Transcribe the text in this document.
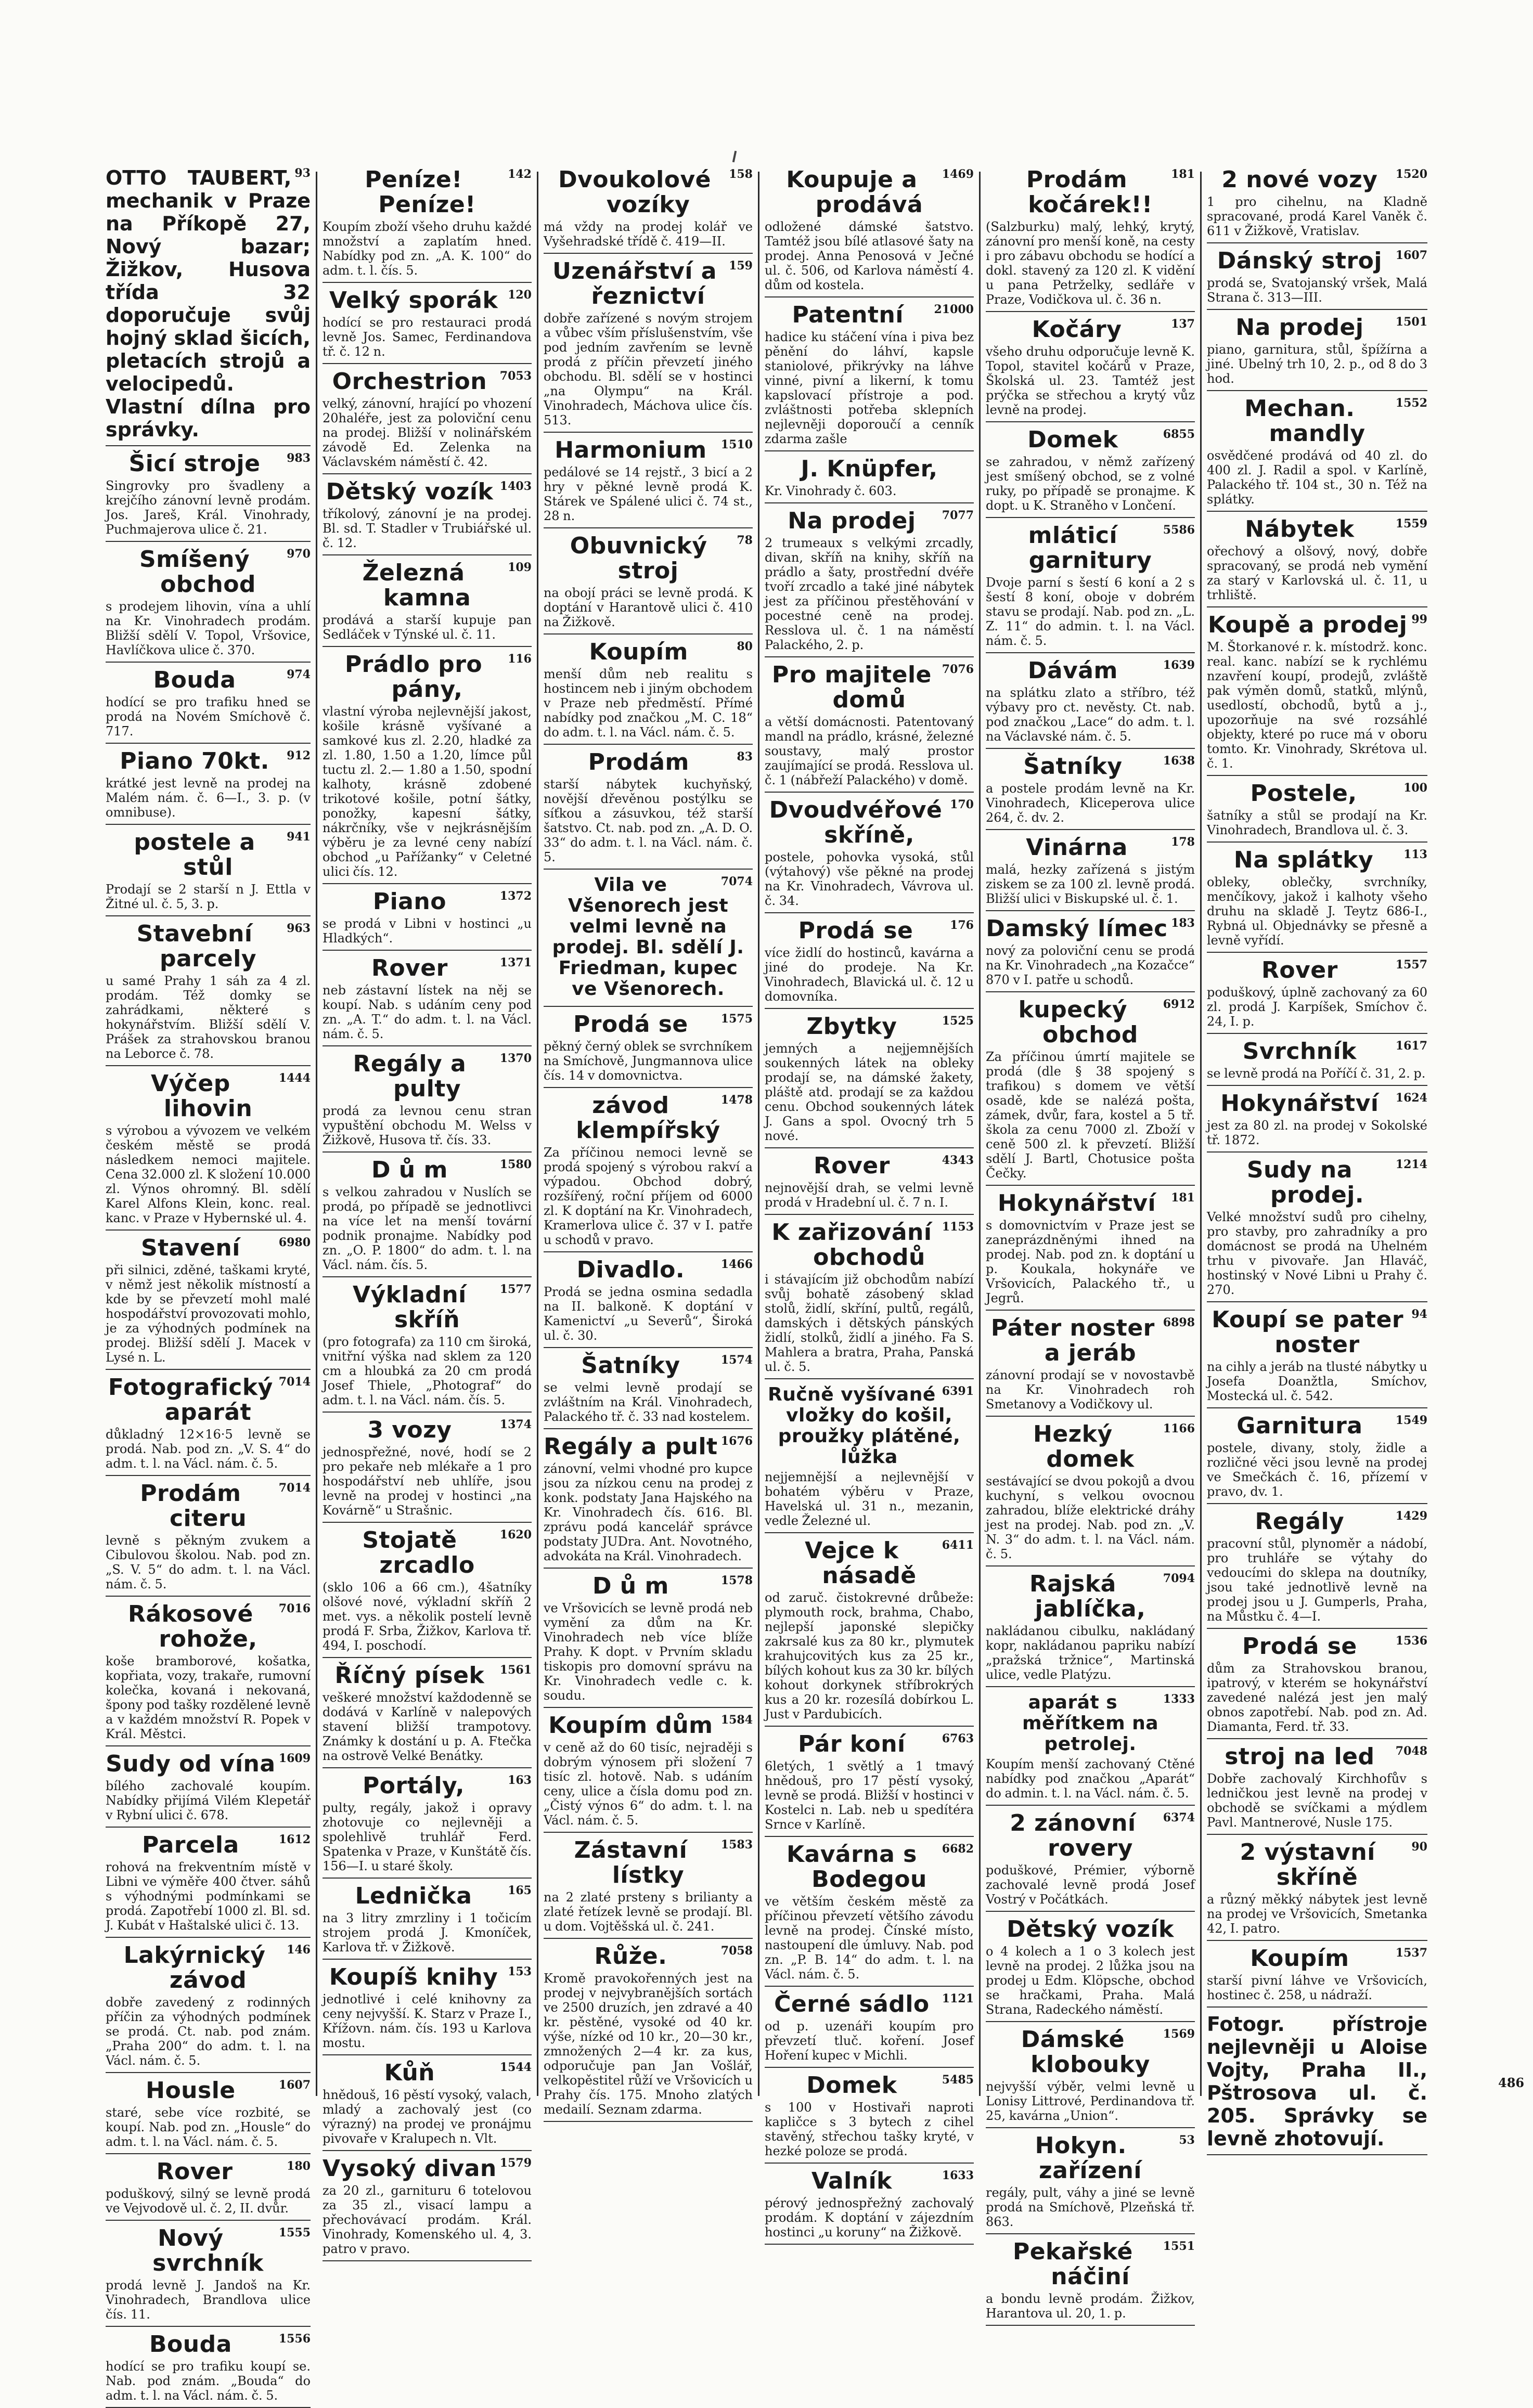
93
OTTO TAUBERT, mechanik v Praze na Příkopě 27, Nový bazar; Žižkov, Husova třída 32 doporučuje svůj hojný sklad šicích, pletacích strojů a velocipedů. Vlastní dílna pro správky.
983
Šicí stroje
Singrovky pro švadleny a krejčího zánovní levně prodám. Jos. Jareš, Král. Vinohrady, Puchmajerova ulice č. 21.
970
Smíšený obchod
s prodejem lihovin, vína a uhlí na Kr. Vinohradech prodám. Bližší sdělí V. Topol, Vršovice, Havlíčkova ulice č. 370.
974
Bouda
hodící se pro trafiku hned se prodá na Novém Smíchově č. 717.
912
Piano 70kt.
krátké jest levně na prodej na Malém nám. č. 6—I., 3. p. (v omnibuse).
941
postele a stůl
Prodají se 2 starší n J. Ettla v Žitné ul. č. 5, 3. p.
963
Stavební parcely
u samé Prahy 1 sáh za 4 zl. prodám. Též domky se zahrádkami, některé s hokynářstvím. Bližší sdělí V. Prášek za strahovskou branou na Leborce č. 78.
1444
Výčep lihovin
s výrobou a vývozem ve velkém českém městě se prodá následkem nemoci majitele. Cena 32.000 zl. K složení 10.000 zl. Výnos ohromný. Bl. sdělí Karel Alfons Klein, konc. real. kanc. v Praze v Hybernské ul. 4.
6980
Stavení
při silnici, zděné, taškami kryté, v němž jest několik místností a kde by se převzetí mohl malé hospodářství provozovati mohlo, je za výhodných podmínek na prodej. Bližší sdělí J. Macek v Lysé n. L.
7014
Fotografický aparát
důkladný 12×16·5 levně se prodá. Nab. pod zn. „V. S. 4“ do adm. t. l. na Václ. nám. č. 5.
7014
Prodám citeru
levně s pěkným zvukem a Cibulovou školou. Nab. pod zn. „S. V. 5“ do adm. t. l. na Václ. nám. č. 5.
7016
Rákosové rohože,
koše bramborové, košatka, kopřiata, vozy, trakaře, rumovní kolečka, kovaná i nekovaná, špony pod tašky rozdělené levně a v každém množství R. Popek v Král. Městci.
1609
Sudy od vína
bílého zachovalé koupím. Nabídky přijímá Vilém Klepetář v Rybní ulici č. 678.
1612
Parcela
rohová na frekventním místě v Libni ve výměře 400 čtver. sáhů s výhodnými podmínkami se prodá. Zapotřebí 1000 zl. Bl. sd. J. Kubát v Haštalské ulici č. 13.
146
Lakýrnický závod
dobře zavedený z rodinných příčin za výhodných podmínek se prodá. Ct. nab. pod znám. „Praha 200“ do adm. t. l. na Václ. nám. č. 5.
1607
Housle
staré, sebe více rozbité, se koupí. Nab. pod zn. „Housle“ do adm. t. l. na Václ. nám. č. 5.
180
Rover
poduškový, silný se levně prodá ve Vejvodově ul. č. 2, II. dvůr.
1555
Nový svrchník
prodá levně J. Jandoš na Kr. Vinohradech, Brandlova ulice čís. 11.
1556
Bouda
hodící se pro trafiku koupí se. Nab. pod znám. „Bouda“ do adm. t. l. na Václ. nám. č. 5.
142
Peníze! Peníze!
Koupím zboží všeho druhu každé množství a zaplatím hned. Nabídky pod zn. „A. K. 100“ do adm. t. l. čís. 5.
120
Velký sporák
hodící se pro restauraci prodá levně Jos. Samec, Ferdinandova tř. č. 12 n.
7053
Orchestrion
velký, zánovní, hrající po vhození 20haléře, jest za poloviční cenu na prodej. Bližší v nolinářském závodě Ed. Zelenka na Václavském náměstí č. 42.
1403
Dětský vozík
tříkolový, zánovní je na prodej. Bl. sd. T. Stadler v Trubiářské ul. č. 12.
109
Železná kamna
prodává a starší kupuje pan Sedláček v Týnské ul. č. 11.
116
Prádlo pro pány,
vlastní výroba nejlevnější jakost, košile krásně vyšívané a samkové kus zl. 2.20, hladké za zl. 1.80, 1.50 a 1.20, límce půl tuctu zl. 2.— 1.80 a 1.50, spodní kalhoty, krásně zdobené trikotové košile, potní šátky, ponožky, kapesní šátky, nákrčníky, vše v nejkrásnějším výběru je za levné ceny nabízí obchod „u Pařížanky“ v Celetné ulici čís. 12.
1372
Piano
se prodá v Libni v hostinci „u Hladkých“.
1371
Rover
neb zástavní lístek na něj se koupí. Nab. s udáním ceny pod zn. „A. T.“ do adm. t. l. na Václ. nám. č. 5.
1370
Regály a pulty
prodá za levnou cenu stran vypuštění obchodu M. Welss v Žižkově, Husova tř. čís. 33.
1580
D ů m
s velkou zahradou v Nuslích se prodá, po případě se jednotlivci na více let na menší tovární podnik pronajme. Nabídky pod zn. „O. P. 1800“ do adm. t. l. na Václ. nám. čís. 5.
1577
Výkladní skříň
(pro fotografa) za 110 cm široká, vnitřní výška nad sklem za 120 cm a hloubká za 20 cm prodá Josef Thiele, „Photograf“ do adm. t. l. na Václ. nám. čís. 5.
1374
3 vozy
jednospřežné, nové, hodí se 2 pro pekaře neb mlékaře a 1 pro hospodářství neb uhlíře, jsou levně na prodej v hostinci „na Kovárně“ u Strašnic.
1620
Stojatě zrcadlo
(sklo 106 a 66 cm.), 4šatníky olšové nové, výkladní skříň 2 met. vys. a několik postelí levně prodá F. Srba, Žižkov, Karlova tř. 494, I. poschodí.
1561
Říčný písek
veškeré množství každodenně se dodává v Karlíně v nalepových stavení bližší trampotovy. Známky k dostání u p. A. Ftečka na ostrově Velké Benátky.
163
Portály,
pulty, regály, jakož i opravy zhotovuje co nejlevněji a spolehlivě truhlář Ferd. Spatenka v Praze, v Kunštátě čís. 156—I. u staré školy.
165
Lednička
na 3 litry zmrzliny i 1 točicím strojem prodá J. Kmoníček, Karlova tř. v Žižkově.
153
Koupíš knihy
jednotlivé i celé knihovny za ceny nejvyšší. K. Starz v Praze I., Křížovn. nám. čís. 193 u Karlova mostu.
1544
Kůň
hnědouš, 16 pěstí vysoký, valach, mladý a zachovalý jest (co výrazný) na prodej ve pronájmu pivovaře v Kralupech n. Vlt.
1579
Vysoký divan
za 20 zl., garnituru 6 totelovou za 35 zl., visací lampu a přechovávací prodám. Král. Vinohrady, Komenského ul. 4, 3. patro v pravo.
158
Dvoukolové vozíky
má vždy na prodej kolář ve Vyšehradské třídě č. 419—II.
159
Uzenářství a řeznictví
dobře zařízené s novým strojem a vůbec vším příslušenstvím, vše pod jedním zavřením se levně prodá z příčin převzetí jiného obchodu. Bl. sdělí se v hostinci „na Olympu“ na Král. Vinohradech, Máchova ulice čís. 513.
1510
Harmonium
pedálové se 14 rejstř., 3 bicí a 2 hry v pěkné levně prodá K. Stárek ve Spálené ulici č. 74 st., 28 n.
78
Obuvnický stroj
na obojí práci se levně prodá. K doptání v Harantově ulici č. 410 na Žižkově.
80
Koupím
menší dům neb realitu s hostincem neb i jiným obchodem v Praze neb předměstí. Přímé nabídky pod značkou „M. C. 18“ do adm. t. l. na Václ. nám. č. 5.
83
Prodám
starší nábytek kuchyňský, novější dřevěnou postýlku se síťkou a zásuvkou, též starší šatstvo. Ct. nab. pod zn. „A. D. O. 33“ do adm. t. l. na Václ. nám. č. 5.
7074
Vila ve Všenorech jest velmi levně na prodej. Bl. sdělí J. Friedman, kupec ve Všenorech.
1575
Prodá se
pěkný černý oblek se svrchníkem na Smíchově, Jungmannova ulice čís. 14 v domovnictva.
1478
závod klempířský
Za příčinou nemoci levně se prodá spojený s výrobou rakví a výpadou. Obchod dobrý, rozšířený, roční příjem od 6000 zl. K doptání na Kr. Vinohradech, Kramerlova ulice č. 37 v I. patře u schodů v pravo.
1466
Divadlo.
Prodá se jedna osmina sedadla na II. balkoně. K doptání v Kamenictví „u Severů“, Široká ul. č. 30.
1574
Šatníky
se velmi levně prodají se zvláštním na Král. Vinohradech, Palackého tř. č. 33 nad kostelem.
1676
Regály a pult
zánovní, velmi vhodné pro kupce jsou za nízkou cenu na prodej z konk. podstaty Jana Hajského na Kr. Vinohradech čís. 616. Bl. zprávu podá kancelář správce podstaty JUDra. Ant. Novotného, advokáta na Král. Vinohradech.
1578
D ů m
ve Vršovicích se levně prodá neb vymění za dům na Kr. Vinohradech neb více blíže Prahy. K dopt. v Prvním skladu tiskopis pro domovní správu na Kr. Vinohradech vedle c. k. soudu.
1584
Koupím dům
v ceně až do 60 tisíc, nejraději s dobrým výnosem při složení 7 tisíc zl. hotově. Nab. s udáním ceny, ulice a čísla domu pod zn. „Čistý výnos 6“ do adm. t. l. na Václ. nám. č. 5.
1583
Zástavní lístky
na 2 zlaté prsteny s brilianty a zlaté řetízek levně se prodají. Bl. u dom. Vojtěšská ul. č. 241.
7058
Růže.
Kromě pravokořenných jest na prodej v nejvybranějších sortách ve 2500 druzích, jen zdravé a 40 kr. pěstěné, vysoké od 40 kr. výše, nízké od 10 kr., 20—30 kr., zmnožených 2—4 kr. za kus, odporučuje pan Jan Vošlář, velkopěstitel růží ve Vršovicích u Prahy čís. 175. Mnoho zlatých medailí. Seznam zdarma.
1469
Koupuje a prodává
odložené dámské šatstvo. Tamtéž jsou bílé atlasové šaty na prodej. Anna Penosová v Ječné ul. č. 506, od Karlova náměstí 4. dům od kostela.
21000
Patentní
hadice ku stáčení vína i piva bez pěnění do láhví, kapsle staniolové, přikrývky na láhve vinné, pivní a likerní, k tomu kapslovací přístroje a pod. zvláštnosti potřeba sklepních nejlevněji doporoučí a cenník zdarma zašle
J. Knüpfer,
Kr. Vinohrady č. 603.
7077
Na prodej
2 trumeaux s velkými zrcadly, divan, skříň na knihy, skříň na prádlo a šaty, prostřední dvéře tvoří zrcadlo a také jiné nábytek jest za příčinou přestěhování v pocestné ceně na prodej. Resslova ul. č. 1 na náměstí Palackého, 2. p.
7076
Pro majitele domů
a větší domácnosti. Patentovaný mandl na prádlo, krásné, železné soustavy, malý prostor zaujímající se prodá. Resslova ul. č. 1 (nábřeží Palackého) v domě.
170
Dvoudvéřové skříně,
postele, pohovka vysoká, stůl (výtahový) vše pěkné na prodej na Kr. Vinohradech, Vávrova ul. č. 34.
176
Prodá se
více židlí do hostinců, kavárna a jiné do prodeje. Na Kr. Vinohradech, Blavická ul. č. 12 u domovníka.
1525
Zbytky
jemných a nejjemnějších soukenných látek na obleky prodají se, na dámské žakety, pláště atd. prodají se za každou cenu. Obchod soukenných látek J. Gans a spol. Ovocný trh 5 nové.
4343
Rover
nejnovější drah, se velmi levně prodá v Hradební ul. č. 7 n. I.
1153
K zařizování obchodů
i stávajícím již obchodům nabízí svůj bohatě zásobený sklad stolů, židlí, skříní, pultů, regálů, damských i dětských pánských židlí, stolků, židlí a jiného. Fa S. Mahlera a bratra, Praha, Panská ul. č. 5.
6391
Ručně vyšívané vložky do košil, proužky plátěné, lůžka
nejjemnější a nejlevnější v bohatém výběru v Praze, Havelská ul. 31 n., mezanin, vedle Železné ul.
6411
Vejce k násadě
od zaruč. čistokrevné drůbeže: plymouth rock, brahma, Chabo, nejlepší japonské slepičky zakrsalé kus za 80 kr., plymutek krahujcovitých kus za 25 kr., bílých kohout kus za 30 kr. bílých kohout dorkynek stříbrokrých kus a 20 kr. rozesílá dobírkou L. Just v Pardubicích.
6763
Pár koní
6letých, 1 světlý a 1 tmavý hnědouš, pro 17 pěstí vysoký, levně se prodá. Bližší v hostinci v Kostelci n. Lab. neb u spedítéra Srnce v Karlíně.
6682
Kavárna s Bodegou
ve větším českém městě za příčinou převzetí většího závodu levně na prodej. Čínské místo, nastoupení dle úmluvy. Nab. pod zn. „P. B. 14“ do adm. t. l. na Václ. nám. č. 5.
1121
Černé sádlo
od p. uzenáři koupím pro převzetí tluč. koření. Josef Hoření kupec v Michli.
5485
Domek
s 100 v Hostivaři naproti kapličce s 3 bytech z cihel stavěný, střechou tašky kryté, v hezké poloze se prodá.
1633
Valník
pérový jednospřežný zachovalý prodám. K doptání v zájezdním hostinci „u koruny“ na Žižkově.
181
Prodám kočárek!!
(Salzburku) malý, lehký, krytý, zánovní pro menší koně, na cesty i pro zábavu obchodu se hodící a dokl. stavený za 120 zl. K vidění u pana Petrželky, sedláře v Praze, Vodičkova ul. č. 36 n.
137
Kočáry
všeho druhu odporučuje levně K. Topol, stavitel kočárů v Praze, Školská ul. 23. Tamtéž jest prýčka se střechou a krytý vůz levně na prodej.
6855
Domek
se zahradou, v němž zařízený jest smíšený obchod, se z volné ruky, po případě se pronajme. K dopt. u K. Straněho v Lončení.
5586
mláticí garnitury
Dvoje parní s šestí 6 koní a 2 s šestí 8 koní, oboje v dobrém stavu se prodají. Nab. pod zn. „L. Z. 11“ do admin. t. l. na Václ. nám. č. 5.
1639
Dávám
na splátku zlato a stříbro, též výbavy pro ct. nevěsty. Ct. nab. pod značkou „Lace“ do adm. t. l. na Václavské nám. č. 5.
1638
Šatníky
a postele prodám levně na Kr. Vinohradech, Kliceperova ulice 264, č. dv. 2.
178
Vinárna
malá, hezky zařízená s jistým ziskem se za 100 zl. levně prodá. Bližší ulici v Biskupské ul. č. 1.
183
Damský límec
nový za poloviční cenu se prodá na Kr. Vinohradech „na Kozačce“ 870 v I. patře u schodů.
6912
kupecký obchod
Za příčinou úmrtí majitele se prodá (dle § 38 spojený s trafikou) s domem ve větší osadě, kde se nalézá pošta, zámek, dvůr, fara, kostel a 5 tř. škola za cenu 7000 zl. Zboží v ceně 500 zl. k převzetí. Bližší sdělí J. Bartl, Chotusice pošta Čečky.
181
Hokynářství
s domovnictvím v Praze jest se zaneprázdněnými ihned na prodej. Nab. pod zn. k doptání u p. Koukala, hokynáře ve Vršovicích, Palackého tř., u Jegrů.
6898
Páter noster a jeráb
zánovní prodají se v novostavbě na Kr. Vinohradech roh Smetanovy a Vodičkovy ul.
1166
Hezký domek
sestávající se dvou pokojů a dvou kuchyní, s velkou ovocnou zahradou, blíže elektrické dráhy jest na prodej. Nab. pod zn. „V. N. 3“ do adm. t. l. na Václ. nám. č. 5.
7094
Rajská jablíčka,
nakládanou cibulku, nakládaný kopr, nakládanou papriku nabízí „pražská tržnice“, Martinská ulice, vedle Platýzu.
1333
aparát s měřítkem na petrolej.
Koupím menší zachovaný Ctěné nabídky pod značkou „Aparát“ do admin. t. l. na Václ. nám. č. 5.
6374
2 zánovní rovery
poduškové, Prémier, výborně zachovalé levně prodá Josef Vostrý v Počátkách.
Dětský vozík
o 4 kolech a 1 o 3 kolech jest levně na prodej. 2 lůžka jsou na prodej u Edm. Klöpsche, obchod se hračkami, Praha. Malá Strana, Radeckého náměstí.
1569
Dámské klobouky
nejvyšší výběr, velmi levně u Lonisy Littrové, Perdinandova tř. 25, kavárna „Union“.
53
Hokyn. zařízení
regály, pult, váhy a jiné se levně prodá na Smíchově, Plzeňská tř. 863.
1551
Pekařské náčiní
a bondu levně prodám. Žižkov, Harantova ul. 20, 1. p.
1520
2 nové vozy
1 pro cihelnu, na Kladně spracované, prodá Karel Vaněk č. 611 v Žižkově, Vratislav.
1607
Dánský stroj
prodá se, Svatojanský vršek, Malá Strana č. 313—III.
1501
Na prodej
piano, garnitura, stůl, špížírna a jiné. Ubelný trh 10, 2. p., od 8 do 3 hod.
1552
Mechan. mandly
osvědčené prodává od 40 zl. do 400 zl. J. Radil a spol. v Karlíně, Palackého tř. 104 st., 30 n. Též na splátky.
1559
Nábytek
ořechový a olšový, nový, dobře spracovaný, se prodá neb vymění za starý v Karlovská ul. č. 11, u trhliště.
99
Koupě a prodej
M. Štorkanové r. k. místodrž. konc. real. kanc. nabízí se k rychlému nzavření koupí, prodejů, zvláště pak výměn domů, statků, mlýnů, usedlostí, obchodů, bytů a j., upozorňuje na své rozsáhlé objekty, které po ruce má v oboru tomto. Kr. Vinohrady, Skrétova ul. č. 1.
100
Postele,
šatníky a stůl se prodají na Kr. Vinohradech, Brandlova ul. č. 3.
113
Na splátky
obleky, oblečky, svrchníky, menčíkovy, jakož i kalhoty všeho druhu na skladě J. Teytz 686-I., Rybná ul. Objednávky se přesně a levně vyřídí.
1557
Rover
poduškový, úplně zachovaný za 60 zl. prodá J. Karpíšek, Smíchov č. 24, I. p.
1617
Svrchník
se levně prodá na Poříčí č. 31, 2. p.
1624
Hokynářství
jest za 80 zl. na prodej v Sokolské tř. 1872.
1214
Sudy na prodej.
Velké množství sudů pro cihelny, pro stavby, pro zahradníky a pro domácnost se prodá na Uhelném trhu v pivovaře. Jan Hlaváč, hostinský v Nové Libni u Prahy č. 270.
94
Koupí se pater noster
na cihly a jeráb na tlusté nábytky u Josefa Doanžtla, Smíchov, Mostecká ul. č. 542.
1549
Garnitura
postele, divany, stoly, židle a rozličné věci jsou levně na prodej ve Smečkách č. 16, přízemí v pravo, dv. 1.
1429
Regály
pracovní stůl, plynoměr a nádobí, pro truhláře se výtahy do vedoucími do sklepa na doutníky, jsou také jednotlivě levně na prodej jsou u J. Gumperls, Praha, na Můstku č. 4—I.
1536
Prodá se
dům za Strahovskou branou, ipatrový, v kterém se hokynářství zavedené nalézá jest jen malý obnos zapotřebí. Nab. pod zn. Ad. Diamanta, Ferd. tř. 33.
7048
stroj na led
Dobře zachovalý Kirchhofův s ledničkou jest levně na prodej v obchodě se svíčkami a mýdlem Pavl. Mantnerové, Nusle 175.
90
2 výstavní skříně
a různý měkký nábytek jest levně na prodej ve Vršovicích, Smetanka 42, I. patro.
1537
Koupím
starší pivní láhve ve Vršovicích, hostinec č. 258, u nádraží.
Fotogr. přístroje nejlevněji u Aloise Vojty, Praha II., Pštrosova ul. č. 205. Správky se levně zhotovují.
486
